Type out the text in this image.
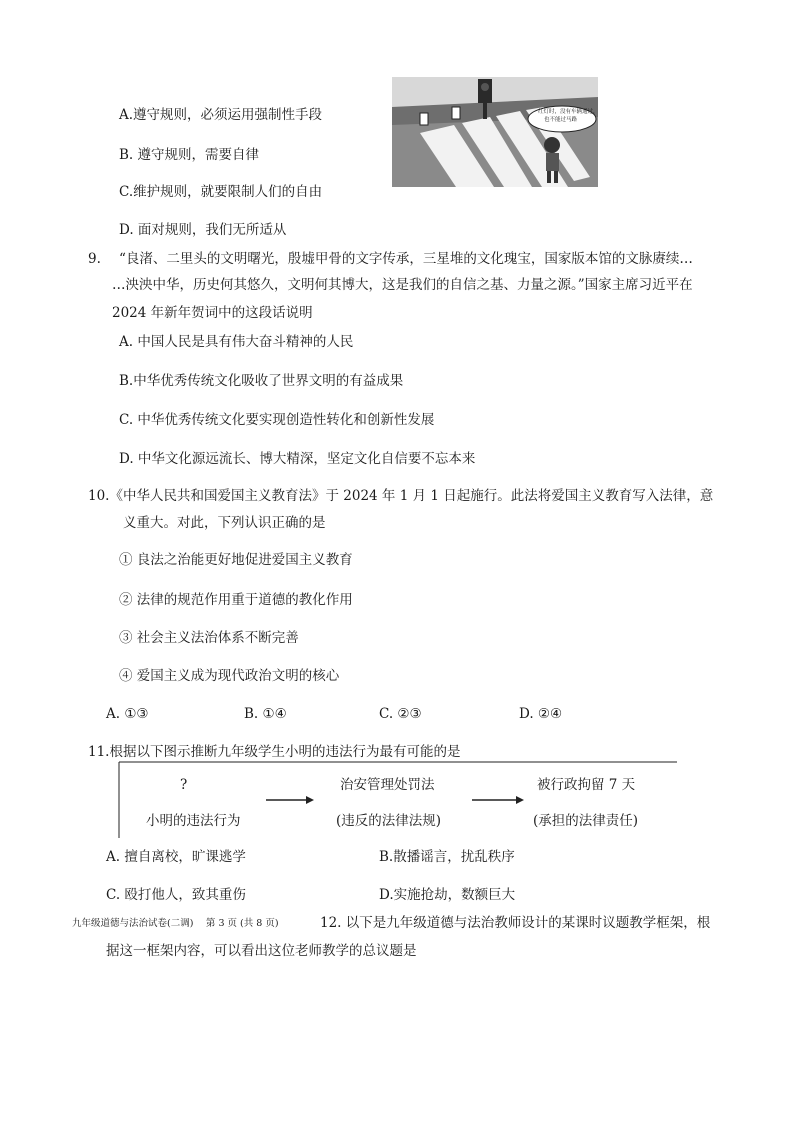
A.遵守规则，必须运用强制性手段
B. 遵守规则，需要自律
C.维护规则，就要限制人们的自由
D. 面对规则，我们无所适从
红灯时，没有车辆通过，
也不能过马路
9. “良渚、二里头的文明曙光，殷墟甲骨的文字传承，三星堆的文化瑰宝，国家版本馆的文脉赓续…
…泱泱中华，历史何其悠久，文明何其博大，这是我们的自信之基、力量之源。”国家主席习近平在
2024 年新年贺词中的这段话说明
A. 中国人民是具有伟大奋斗精神的人民
B.中华优秀传统文化吸收了世界文明的有益成果
C. 中华优秀传统文化要实现创造性转化和创新性发展
D. 中华文化源远流长、博大精深，坚定文化自信要不忘本来
10.《中华人民共和国爱国主义教育法》于 2024 年 1 月 1 日起施行。此法将爱国主义教育写入法律，意
义重大。对此，下列认识正确的是
① 良法之治能更好地促进爱国主义教育
② 法律的规范作用重于道德的教化作用
③ 社会主义法治体系不断完善
④ 爱国主义成为现代政治文明的核心
A. ①③	B. ①④	C. ②③	D. ②④
11.根据以下图示推断九年级学生小明的违法行为最有可能的是
?
小明的违法行为
治安管理处罚法
(违反的法律法规)
被行政拘留 7 天
(承担的法律责任)
A. 擅自离校，旷课逃学	B.散播谣言，扰乱秩序
C. 殴打他人，致其重伤	D.实施抢劫，数额巨大
九年级道德与法治试卷(二调)　 第 3 页 (共 8 页)	12. 以下是九年级道德与法治教师设计的某课时议题教学框架，根
据这一框架内容，可以看出这位老师教学的总议题是
